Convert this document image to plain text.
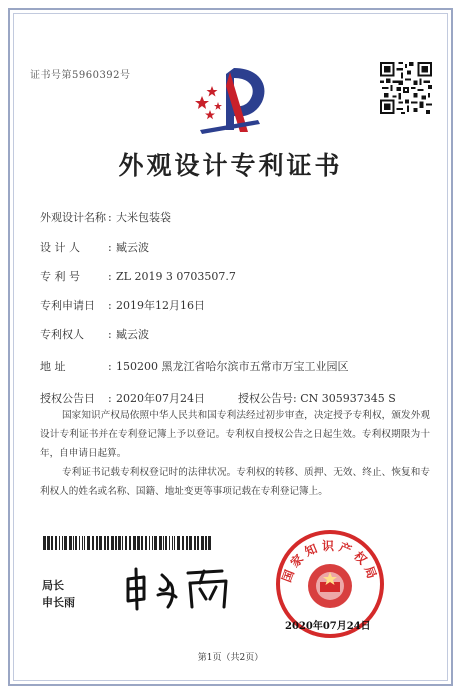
证书号第5960392号
外观设计专利证书
外观设计名称 : 大米包装袋
设 计 人	: 臧云波
专 利 号	: ZL 2019 3 0703507.7
专利申请日 : 2019年12月16日
专利权人 : 臧云波
地 址	: 150200 黑龙江省哈尔滨市五常市万宝工业园区
授权公告日 : 2020年07月24日	授权公告号: CN 305937345 S
国家知识产权局依照中华人民共和国专利法经过初步审查，决定授予专利权，颁发外观设计专利证书并在专利登记簿上予以登记。专利权自授权公告之日起生效。专利权期限为十年，自申请日起算。
专利证书记载专利权登记时的法律状况。专利权的转移、质押、无效、终止、恢复和专利权人的姓名或名称、国籍、地址变更等事项记载在专利登记簿上。
局长
申长雨
国家知识产权局
2020年07月24日
第1页（共2页）
